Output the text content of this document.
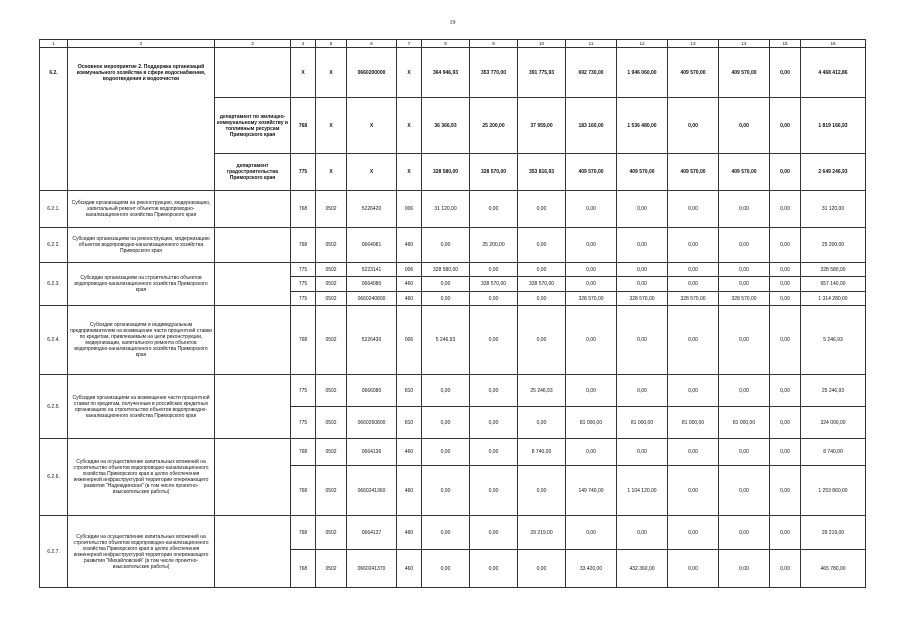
19
1	2	3	4	5	6	7	8	9	10	11	12	13	14	15	16
6.2.	Основное мероприятие 2. Поддержка организаций коммунального хозяйства в сфере водоснабжения, водоотведения и водоочистки		X	X	0660200000	X	364 946,93	353 770,00	391 775,93	692 730,00	1 946 060,00	409 570,00	409 570,00	0,00	4 468 412,86
		департамент по жилищно-коммунальному хозяйству и топливным ресурсам Приморского края	768	X	X	X	36 366,93	25 200,00	37 959,00	183 160,00	1 536 480,00	0,00	0,00	0,00	1 819 166,93
		департамент градостроительства Приморского края	775	X	X	X	328 580,00	328 570,00	353 816,93	409 570,00	409 570,00	409 570,00	409 570,00	0,00	2 649 246,93
6.2.1.	Субсидии организациям на реконструкцию, модернизацию, капитальный ремонт объектов водопроводно-канализационного хозяйства Приморского края		768	0502	5226420	006	31 120,00	0,00	0,00	0,00	0,00	0,00	0,00	0,00	31 120,00
6.2.2.	Субсидии организациям на реконструкцию, модернизацию объектов водопроводно-канализационного хозяйства Приморского края		768	0502	0664081	460	0,00	25 200,00	0,00	0,00	0,00	0,00	0,00	0,00	25 200,00
6.2.3.	Субсидии организациям на строительство объектов водопроводно-канализационного хозяйства Приморского края		775	0502	5223141	006	328 580,00	0,00	0,00	0,00	0,00	0,00	0,00	0,00	328 580,00
			775	0502	0664080	460	0,00	328 570,00	328 570,00	0,00	0,00	0,00	0,00	0,00	657 140,00
			775	0502	0660240800	460	0,00	0,00	0,00	328 570,00	328 570,00	328 570,00	328 570,00	0,00	1 314 280,00
6.2.4.	Субсидии организациям и индивидуальным предпринимателям на возмещение части процентной ставки по кредитам, привлекаемым на цели реконструкции, модернизации, капитального ремонта объектов водопроводно-канализационного хозяйства Приморского края		768	0502	5226430	006	5 246,93	0,00	0,00	0,00	0,00	0,00	0,00	0,00	5 246,93
6.2.5.	Субсидии организациям на возмещение части процентной ставки по кредитам, полученным в российских кредитных организациях на строительство объектов водопроводно-канализационного хозяйства Приморского края		775	0502	0666080	810	0,00	0,00	25 246,93	0,00	0,00	0,00	0,00	0,00	25 246,93
			775	0502	0660260800	810	0,00	0,00	0,00	81 000,00	81 000,00	81 000,00	81 000,00	0,00	324 000,00
6.2.6.	Субсидии на осуществление капитальных вложений на строительство объектов водопроводно-канализационного хозяйства Приморского края в целях обеспечения инженерной инфраструктурой территории опережающего развития "Надеждинская" (в том числе проектно-изыскательские работы)		768	0502	0664136	460	0,00	0,00	8 740,00	0,00	0,00	0,00	0,00	0,00	8 740,00
			768	0502	0660241360	460	0,00	0,00	0,00	149 740,00	1 104 120,00	0,00	0,00	0,00	1 253 860,00
6.2.7.	Субсидии на осуществление капитальных вложений на строительство объектов водопроводно-канализационного хозяйства Приморского края в целях обеспечения инженерной инфраструктурой территории опережающего развития "Михайловский" (в том числе проектно-изыскательские работы)		768	0502	0664137	460	0,00	0,00	29 219,00	0,00	0,00	0,00	0,00	0,00	29 219,00
			768	0502	0660241370	460	0,00	0,00	0,00	33 420,00	432 360,00	0,00	0,00	0,00	465 780,00
